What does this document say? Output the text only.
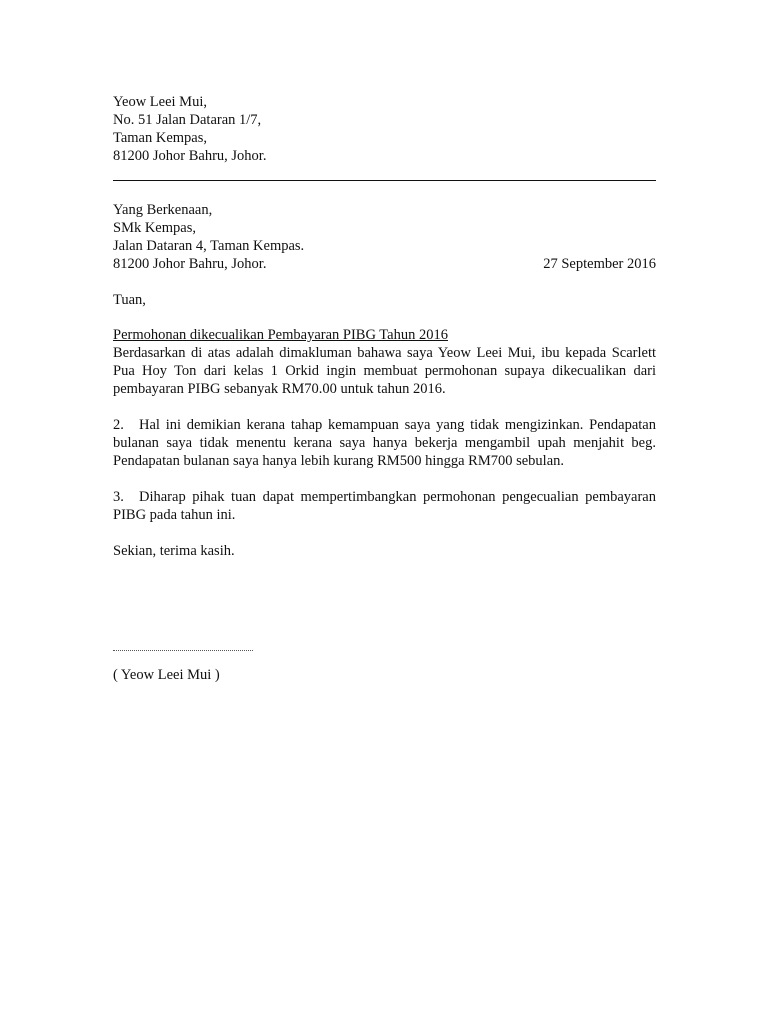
Yeow Leei Mui,
No. 51 Jalan Dataran 1/7,
Taman Kempas,
81200 Johor Bahru, Johor.
Yang Berkenaan,
SMk Kempas,
Jalan Dataran 4, Taman Kempas.
81200 Johor Bahru, Johor.	27 September 2016
Tuan,
Permohonan dikecualikan Pembayaran PIBG Tahun 2016
Berdasarkan di atas adalah dimakluman bahawa saya Yeow Leei Mui, ibu kepada Scarlett Pua Hoy Ton dari kelas 1 Orkid ingin membuat permohonan supaya dikecualikan dari pembayaran PIBG sebanyak RM70.00 untuk tahun 2016.
2. Hal ini demikian kerana tahap kemampuan saya yang tidak mengizinkan. Pendapatan bulanan saya tidak menentu kerana saya hanya bekerja mengambil upah menjahit beg. Pendapatan bulanan saya hanya lebih kurang RM500 hingga RM700 sebulan.
3. Diharap pihak tuan dapat mempertimbangkan permohonan pengecualian pembayaran PIBG pada tahun ini.
Sekian, terima kasih.
( Yeow Leei Mui )
